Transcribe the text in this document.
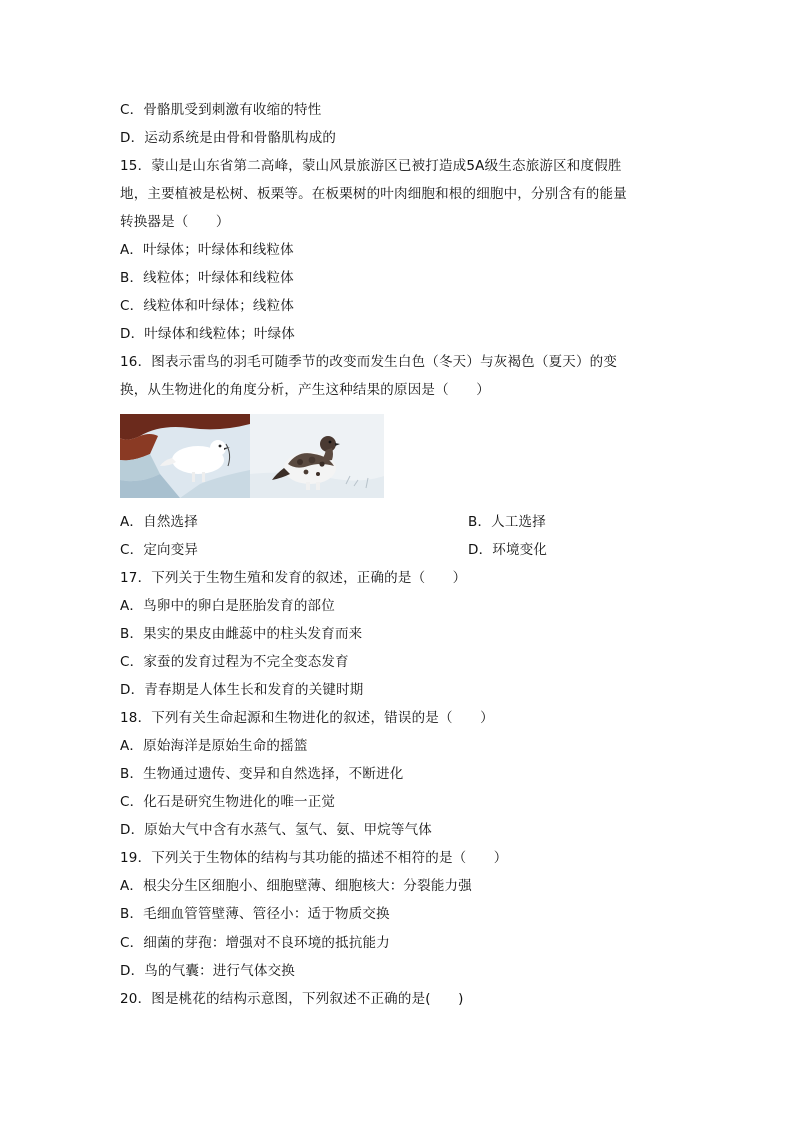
C．骨骼肌受到刺激有收缩的特性
D．运动系统是由骨和骨骼肌构成的
15．蒙山是山东省第二高峰，蒙山风景旅游区已被打造成5A级生态旅游区和度假胜
地，主要植被是松树、板栗等。在板栗树的叶肉细胞和根的细胞中，分别含有的能量
转换器是（　　）
A．叶绿体；叶绿体和线粒体
B．线粒体；叶绿体和线粒体
C．线粒体和叶绿体；线粒体
D．叶绿体和线粒体；叶绿体
16．图表示雷鸟的羽毛可随季节的改变而发生白色（冬天）与灰褐色（夏天）的变
换，从生物进化的角度分析，产生这种结果的原因是（　　）
A．自然选择	B．人工选择
C．定向变异	D．环境变化
17．下列关于生物生殖和发育的叙述，正确的是（　　）
A．鸟卵中的卵白是胚胎发育的部位
B．果实的果皮由雌蕊中的柱头发育而来
C．家蚕的发育过程为不完全变态发育
D．青春期是人体生长和发育的关键时期
18．下列有关生命起源和生物进化的叙述，错误的是（　　）
A．原始海洋是原始生命的摇篮
B．生物通过遗传、变异和自然选择，不断进化
C．化石是研究生物进化的唯一正觉
D．原始大气中含有水蒸气、氢气、氨、甲烷等气体
19．下列关于生物体的结构与其功能的描述不相符的是（　　）
A．根尖分生区细胞小、细胞壁薄、细胞核大：分裂能力强
B．毛细血管管壁薄、管径小：适于物质交换
C．细菌的芽孢：增强对不良环境的抵抗能力
D．鸟的气囊：进行气体交换
20．图是桃花的结构示意图，下列叙述不正确的是(　　)
